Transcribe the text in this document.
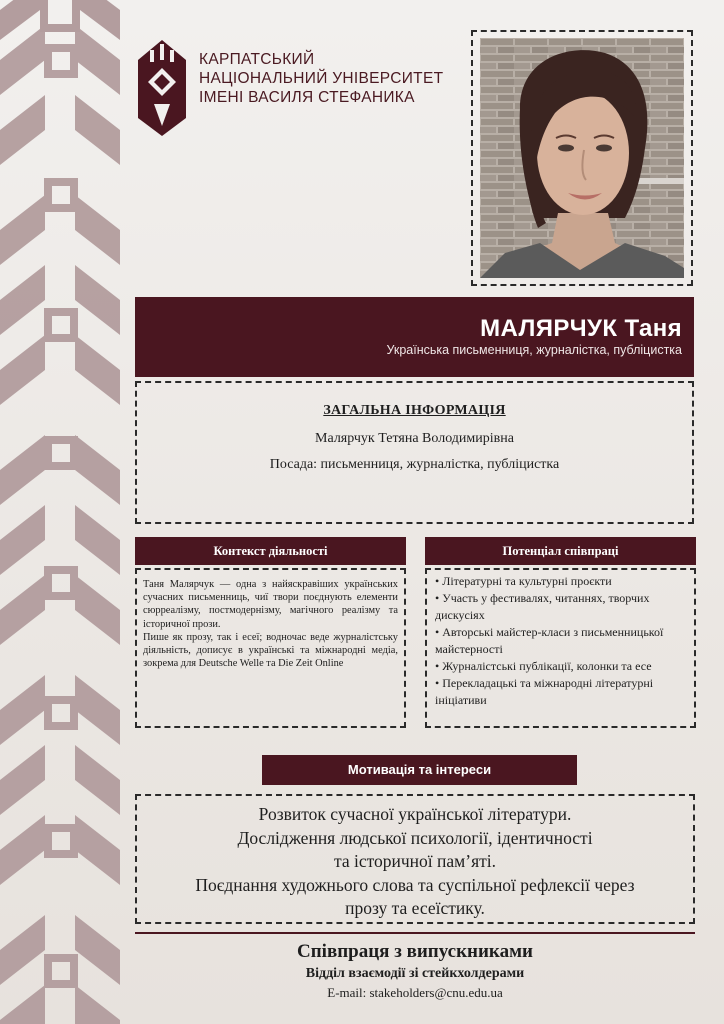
КАРПАТСЬКИЙ
НАЦІОНАЛЬНИЙ УНІВЕРСИТЕТ
ІМЕНІ ВАСИЛЯ СТЕФАНИКА
МАЛЯРЧУК Таня
Українська письменниця, журналістка, публіцистка
ЗАГАЛЬНА ІНФОРМАЦІЯ
Малярчук Тетяна Володимирівна
Посада: письменниця, журналістка, публіцистка
Контекст діяльності

Таня Малярчук — одна з найяскравіших українських сучасних письменниць, чиї твори поєднують елементи сюрреалізму, постмодернізму, магічного реалізму та історичної прози.

Пише як прозу, так і есеї; водночас веде журналістську діяльність, дописує в українські та міжнародні медіа, зокрема для Deutsche Welle та Die Zeit Online

Потенціал співпраці
• Літературні та культурні проєкти
• Участь у фестивалях, читаннях, творчих дискусіях
• Авторські майстер-класи з письменницької майстерності
• Журналістські публікації, колонки та есе
• Перекладацькі та міжнародні літературні ініціативи
Мотивація та інтереси
Розвиток сучасної української літератури.
Дослідження людської психології, ідентичності
та історичної пам’яті.
Поєднання художнього слова та суспільної рефлексії через
прозу та есеїстику.
Співпраця з випускниками
Відділ взаємодії зі стейкхолдерами
E-mail: stakeholders@cnu.edu.ua
